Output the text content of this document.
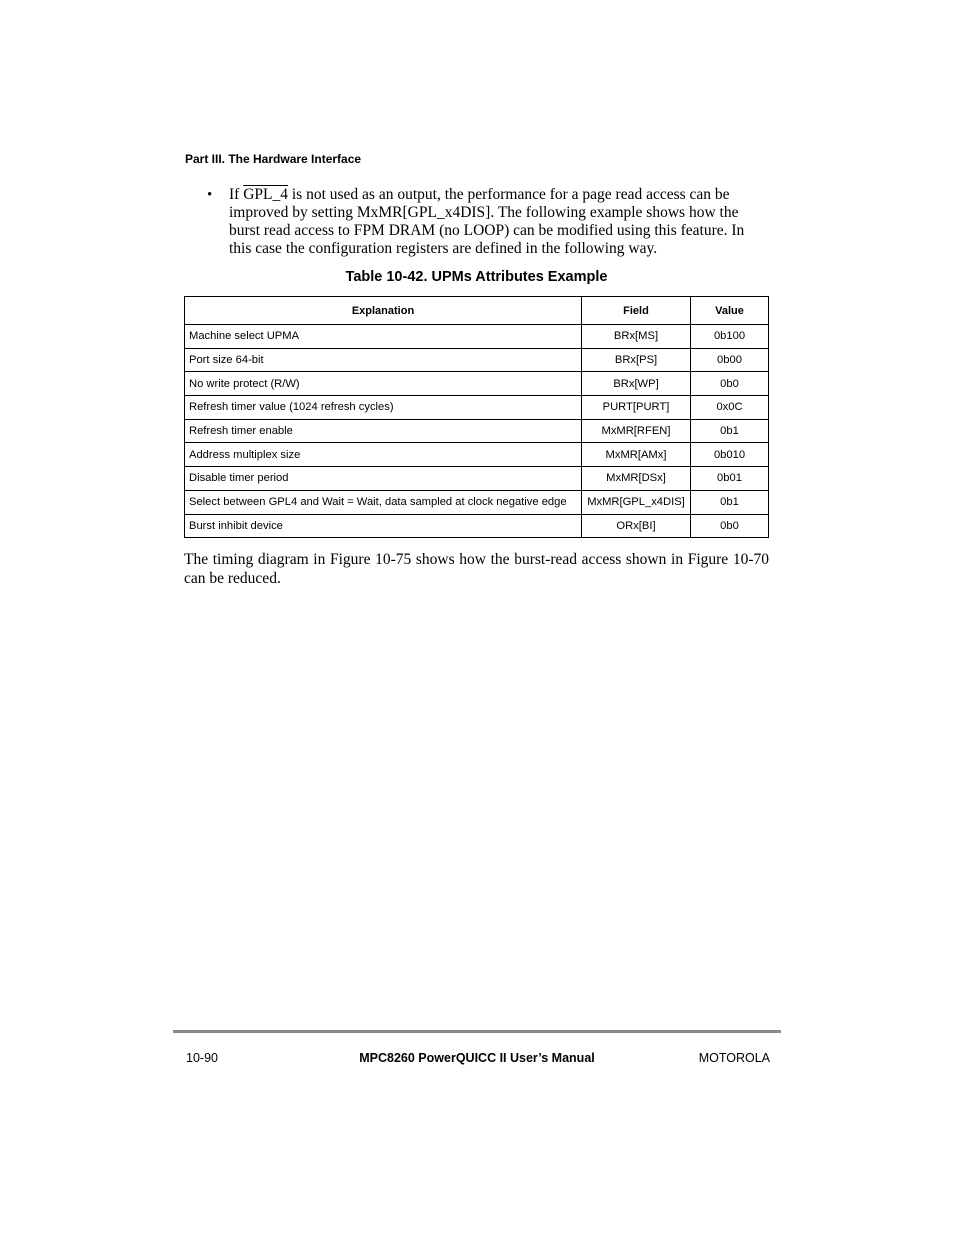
Part III. The Hardware Interface
• If GPL_4 is not used as an output, the performance for a page read access can be improved by setting MxMR[GPL_x4DIS]. The following example shows how the burst read access to FPM DRAM (no LOOP) can be modified using this feature. In this case the configuration registers are defined in the following way.
Table 10-42. UPMs Attributes Example
Explanation	Field	Value
Machine select UPMA	BRx[MS]	0b100
Port size 64-bit	BRx[PS]	0b00
No write protect (R/W)	BRx[WP]	0b0
Refresh timer value (1024 refresh cycles)	PURT[PURT]	0x0C
Refresh timer enable	MxMR[RFEN]	0b1
Address multiplex size	MxMR[AMx]	0b010
Disable timer period	MxMR[DSx]	0b01
Select between GPL4 and Wait = Wait, data sampled at clock negative edge	MxMR[GPL_x4DIS]	0b1
Burst inhibit device	ORx[BI]	0b0
The timing diagram in Figure 10-75 shows how the burst-read access shown in Figure 10-70 can be reduced.
10-90	MPC8260 PowerQUICC II User’s Manual	MOTOROLA
